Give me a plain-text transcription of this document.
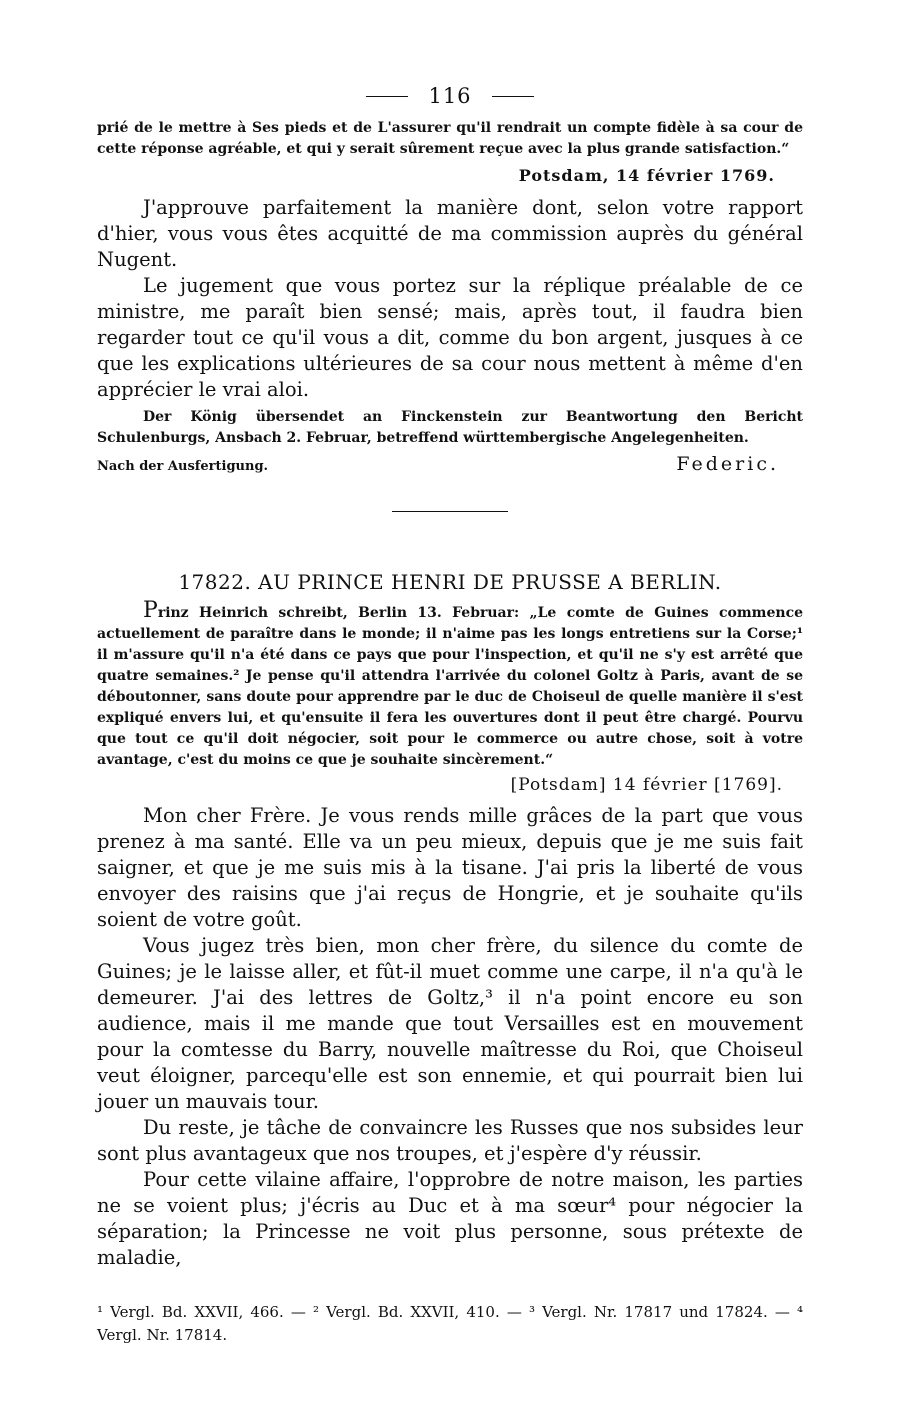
116

prié de le mettre à Ses pieds et de L'assurer qu'il rendrait un compte fidèle à sa cour de cette réponse agréable, et qui y serait sûrement reçue avec la plus grande satisfaction.“

Potsdam, 14 février 1769.

J'approuve parfaitement la manière dont, selon votre rapport d'hier, vous vous êtes acquitté de ma commission auprès du général Nugent.

Le jugement que vous portez sur la réplique préalable de ce ministre, me paraît bien sensé; mais, après tout, il faudra bien regarder tout ce qu'il vous a dit, comme du bon argent, jusques à ce que les explications ultérieures de sa cour nous mettent à même d'en apprécier le vrai aloi.

Der König übersendet an Finckenstein zur Beantwortung den Bericht Schulenburgs, Ansbach 2. Februar, betreffend württembergische Angelegenheiten.

Nach der Ausfertigung.	Federic.
17822. AU PRINCE HENRI DE PRUSSE A BERLIN.

Prinz Heinrich schreibt, Berlin 13. Februar: „Le comte de Guines commence actuellement de paraître dans le monde; il n'aime pas les longs entretiens sur la Corse;¹ il m'assure qu'il n'a été dans ce pays que pour l'inspection, et qu'il ne s'y est arrêté que quatre semaines.² Je pense qu'il attendra l'arrivée du colonel Goltz à Paris, avant de se déboutonner, sans doute pour apprendre par le duc de Choiseul de quelle manière il s'est expliqué envers lui, et qu'ensuite il fera les ouvertures dont il peut être chargé. Pourvu que tout ce qu'il doit négocier, soit pour le commerce ou autre chose, soit à votre avantage, c'est du moins ce que je souhaite sincèrement.“

[Potsdam] 14 février [1769].

Mon cher Frère. Je vous rends mille grâces de la part que vous prenez à ma santé. Elle va un peu mieux, depuis que je me suis fait saigner, et que je me suis mis à la tisane. J'ai pris la liberté de vous envoyer des raisins que j'ai reçus de Hongrie, et je souhaite qu'ils soient de votre goût.

Vous jugez très bien, mon cher frère, du silence du comte de Guines; je le laisse aller, et fût-il muet comme une carpe, il n'a qu'à le demeurer. J'ai des lettres de Goltz,³ il n'a point encore eu son audience, mais il me mande que tout Versailles est en mouvement pour la comtesse du Barry, nouvelle maîtresse du Roi, que Choiseul veut éloigner, parcequ'elle est son ennemie, et qui pourrait bien lui jouer un mauvais tour.

Du reste, je tâche de convaincre les Russes que nos subsides leur sont plus avantageux que nos troupes, et j'espère d'y réussir.

Pour cette vilaine affaire, l'opprobre de notre maison, les parties ne se voient plus; j'écris au Duc et à ma sœur⁴ pour négocier la séparation; la Princesse ne voit plus personne, sous prétexte de maladie,

¹ Vergl. Bd. XXVII, 466. — ² Vergl. Bd. XXVII, 410. — ³ Vergl. Nr. 17817 und 17824. — ⁴ Vergl. Nr. 17814.
